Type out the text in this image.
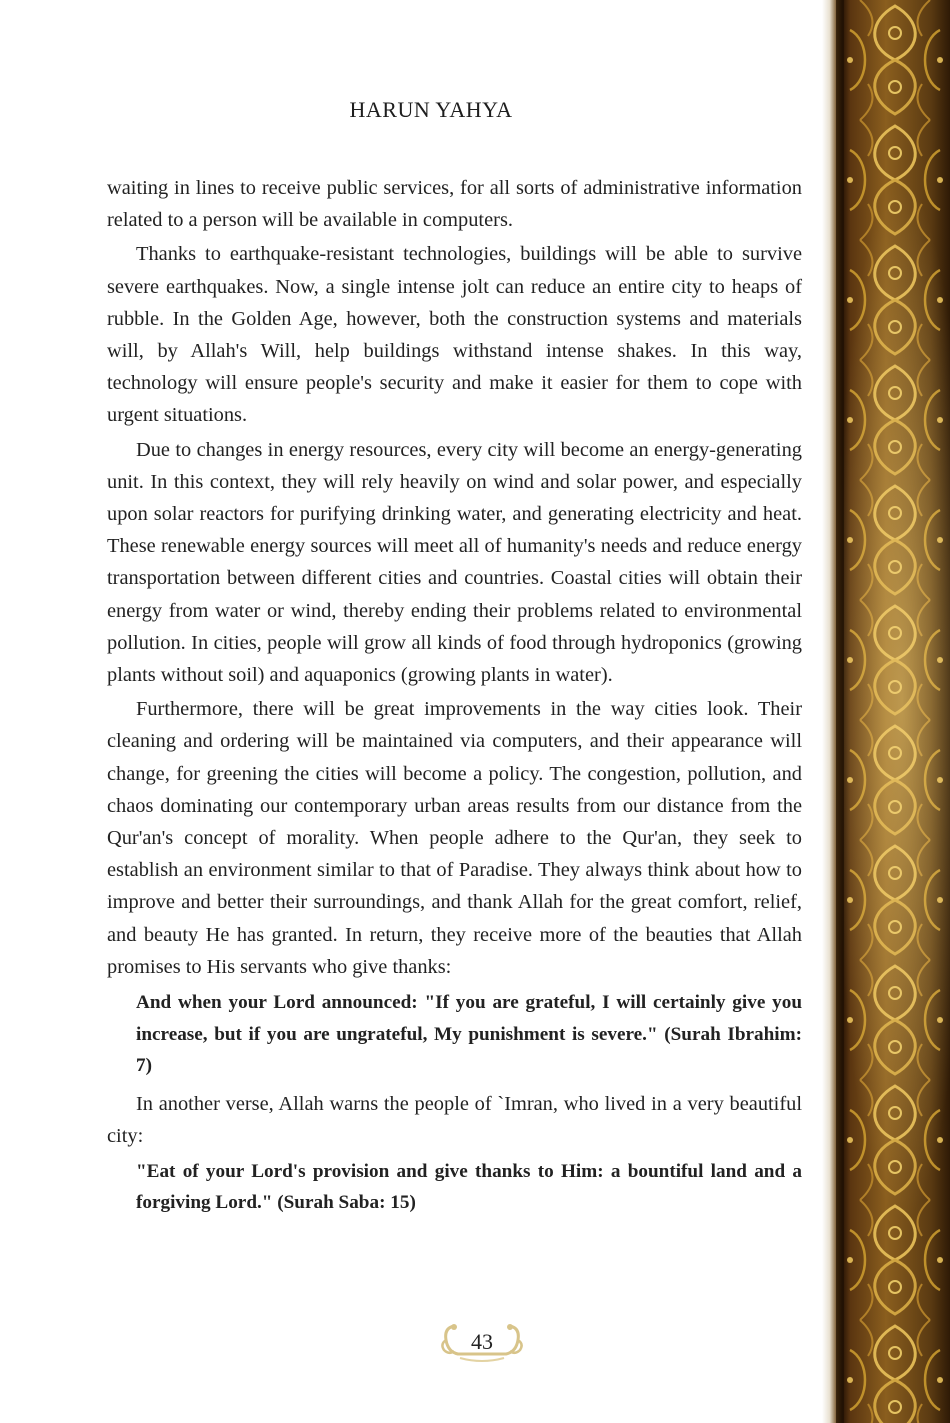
HARUN YAHYA

waiting in lines to receive public services, for all sorts of administrative information related to a person will be available in computers.

Thanks to earthquake-resistant technologies, buildings will be able to survive severe earthquakes. Now, a single intense jolt can reduce an entire city to heaps of rubble. In the Golden Age, however, both the construction systems and materials will, by Allah's Will, help buildings withstand intense shakes. In this way, technology will ensure people's security and make it easier for them to cope with urgent situations.

Due to changes in energy resources, every city will become an energy-generating unit. In this context, they will rely heavily on wind and solar power, and especially upon solar reactors for purifying drinking water, and generating electricity and heat. These renewable energy sources will meet all of humanity's needs and reduce energy transportation between different cities and countries. Coastal cities will obtain their energy from water or wind, thereby ending their problems related to environmental pollution. In cities, people will grow all kinds of food through hydroponics (growing plants without soil) and aquaponics (growing plants in water).

Furthermore, there will be great improvements in the way cities look. Their cleaning and ordering will be maintained via computers, and their appearance will change, for greening the cities will become a policy. The congestion, pollution, and chaos dominating our contemporary urban areas results from our distance from the Qur'an's concept of morality. When people adhere to the Qur'an, they seek to establish an environment similar to that of Paradise. They always think about how to improve and better their surroundings, and thank Allah for the great comfort, relief, and beauty He has granted. In return, they receive more of the beauties that Allah promises to His servants who give thanks:

And when your Lord announced: "If you are grateful, I will certainly give you increase, but if you are ungrateful, My punishment is severe." (Surah Ibrahim: 7)

In another verse, Allah warns the people of `Imran, who lived in a very beautiful city:

"Eat of your Lord's provision and give thanks to Him: a bountiful land and a forgiving Lord." (Surah Saba: 15)
43
